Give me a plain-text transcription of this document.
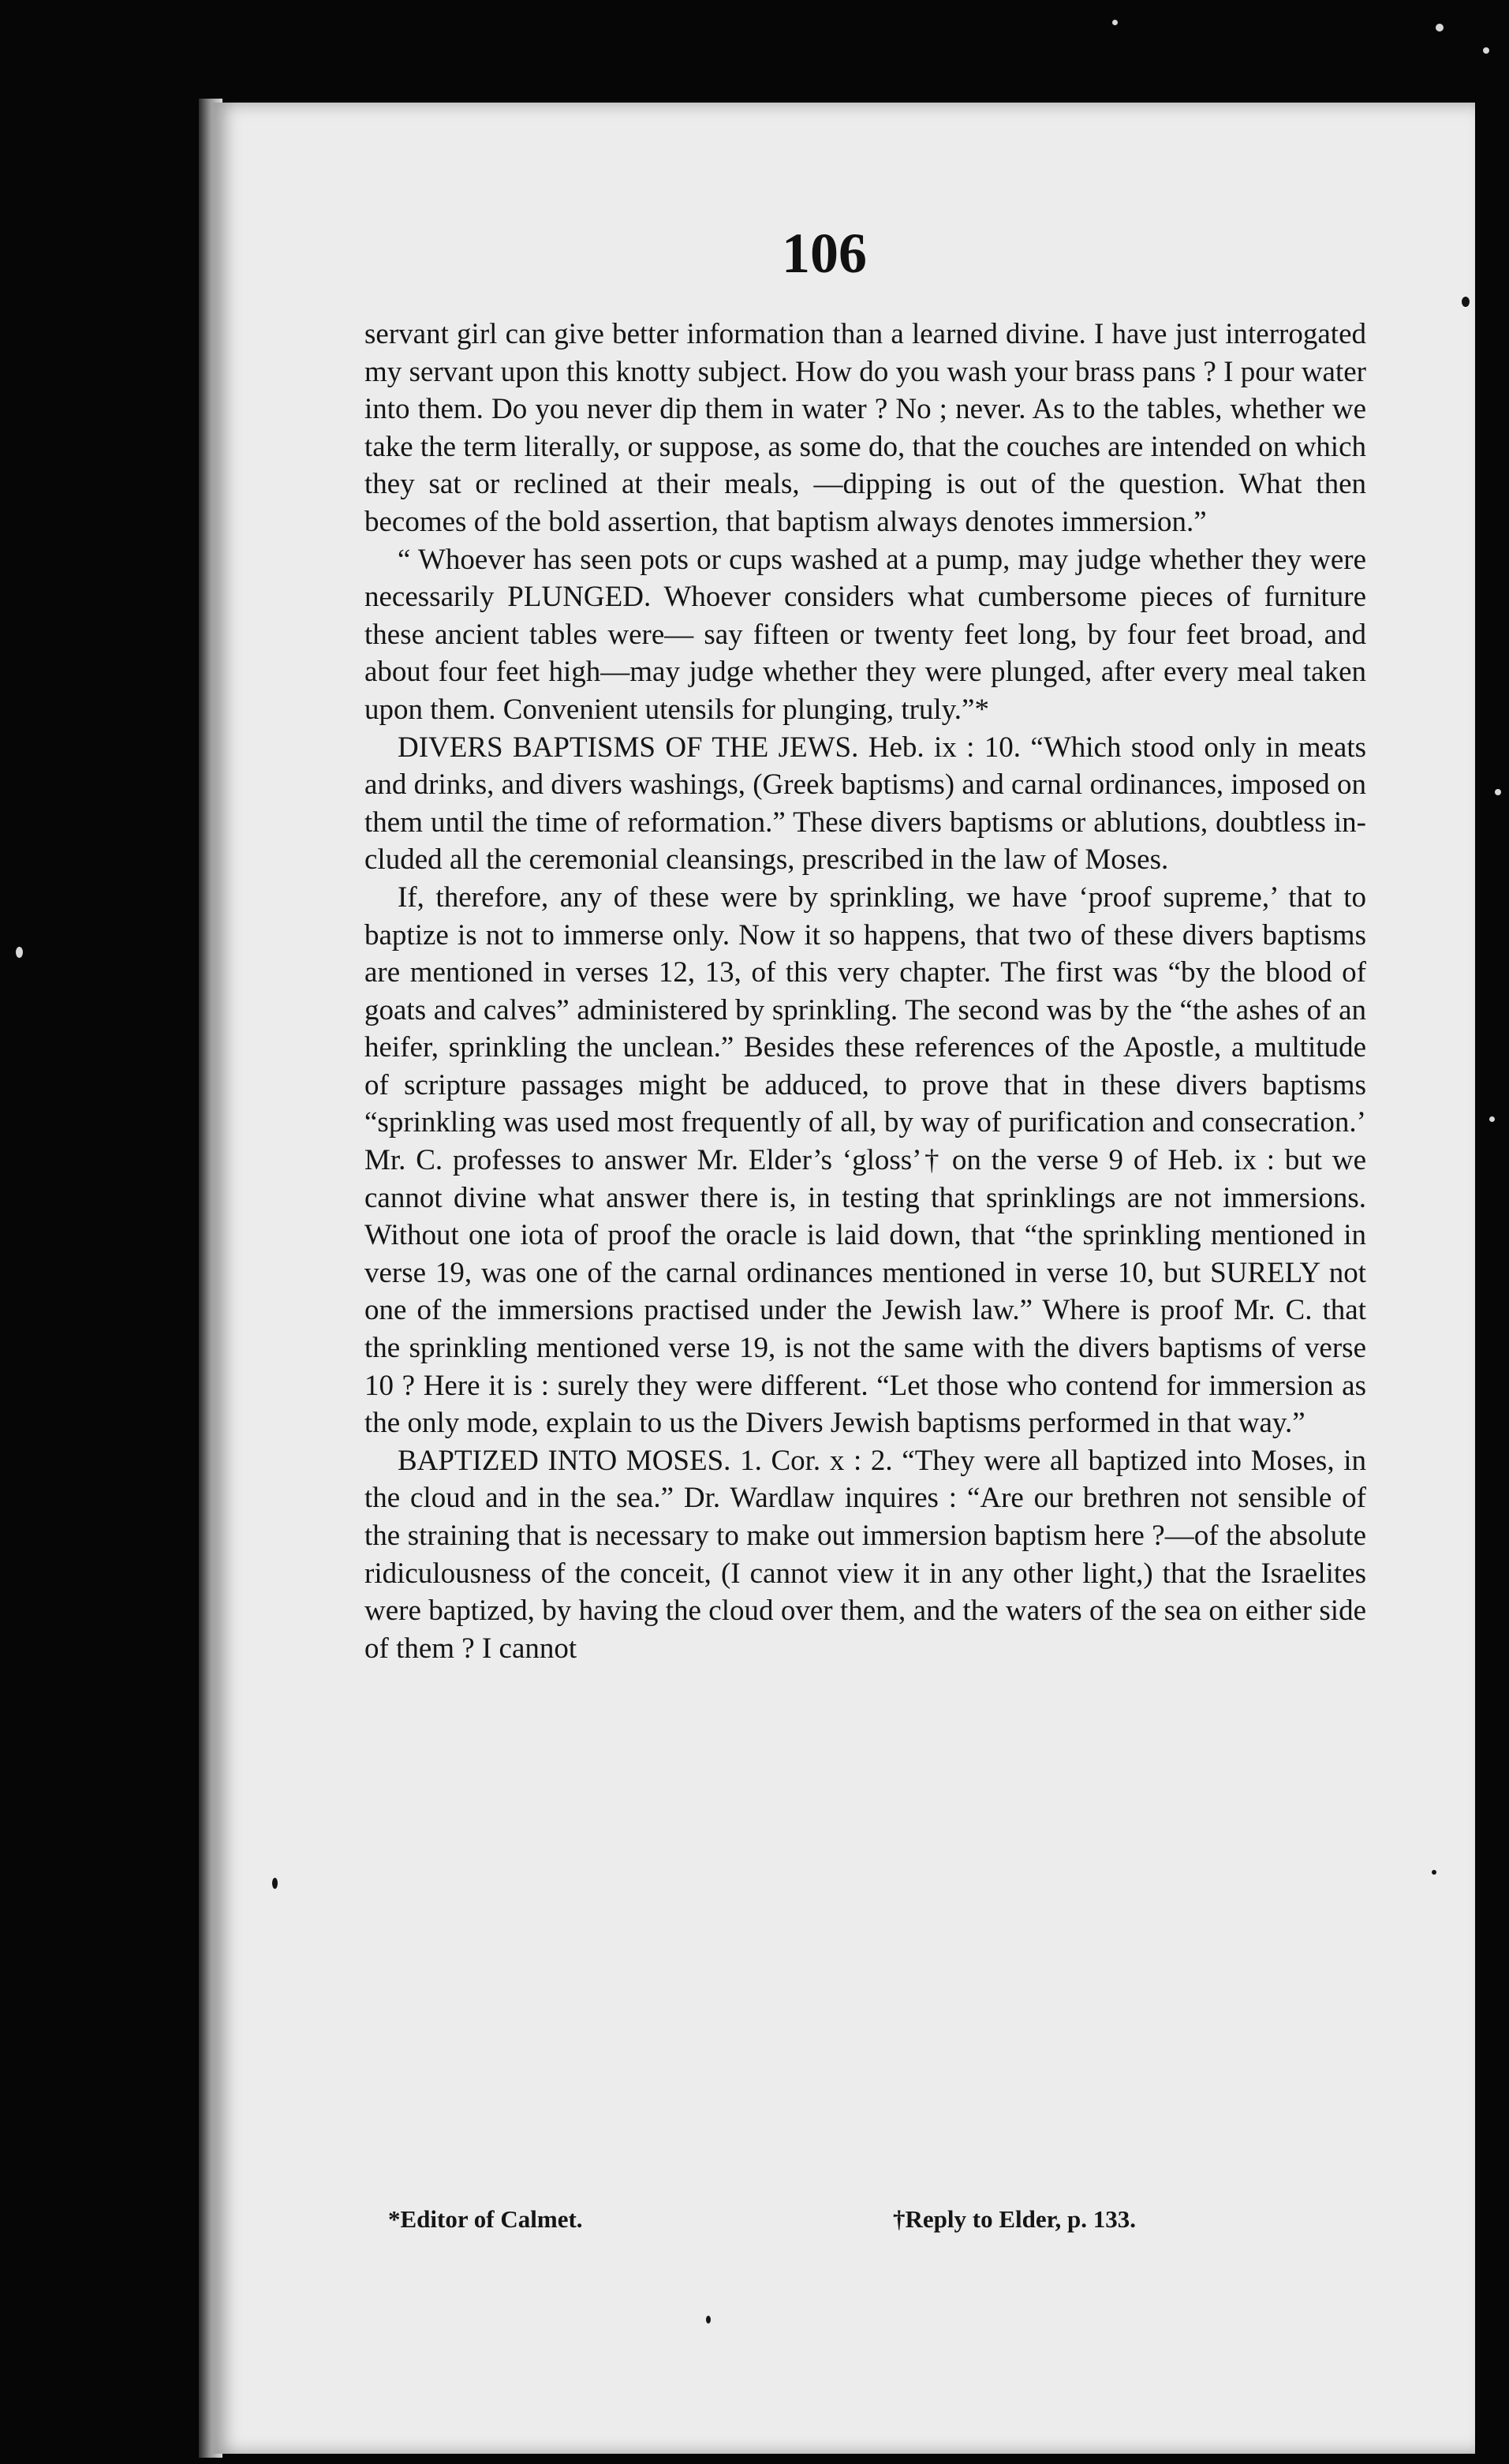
106

servant girl can give better information than a learned divine. I have just interrogated my servant upon this knotty subject. How do you wash your brass pans ? I pour water into them. Do you never dip them in water ? No ; never. As to the tables, whether we take the term literally, or suppose, as some do, that the couches are intended on which they sat or reclined at their meals, —dipping is out of the question. What then becomes of the bold assertion, that baptism always denotes immersion.”

“ Whoever has seen pots or cups washed at a pump, may judge whether they were necessarily PLUNGED. Whoever considers what cumbersome pieces of furniture these ancient tables were— say fifteen or twenty feet long, by four feet broad, and about four feet high—may judge whether they were plunged, after every meal taken upon them. Convenient utensils for plunging, truly.”*

DIVERS BAPTISMS OF THE JEWS. Heb. ix : 10. “Which stood only in meats and drinks, and divers washings, (Greek baptisms) and carnal ordinances, imposed on them until the time of reformation.” These divers baptisms or ablutions, doubtless included all the ceremonial cleansings, prescribed in the law of Moses.

If, therefore, any of these were by sprinkling, we have ‘proof supreme,’ that to baptize is not to immerse only. Now it so happens, that two of these divers baptisms are mentioned in verses 12, 13, of this very chapter. The first was “by the blood of goats and calves” administered by sprinkling. The second was by the “the ashes of an heifer, sprinkling the unclean.” Besides these references of the Apostle, a multitude of scripture passages might be adduced, to prove that in these divers baptisms “sprinkling was used most frequently of all, by way of purification and consecration.’ Mr. C. professes to answer Mr. Elder’s ‘gloss’† on the verse 9 of Heb. ix : but we cannot divine what answer there is, in testing that sprinklings are not immersions. Without one iota of proof the oracle is laid down, that “the sprinkling mentioned in verse 19, was one of the carnal ordinances mentioned in verse 10, but SURELY not one of the immersions practised under the Jewish law.” Where is proof Mr. C. that the sprinkling mentioned verse 19, is not the same with the divers baptisms of verse 10 ? Here it is : surely they were different. “Let those who contend for immersion as the only mode, explain to us the Divers Jewish baptisms performed in that way.”

BAPTIZED INTO MOSES. 1. Cor. x : 2. “They were all baptized into Moses, in the cloud and in the sea.” Dr. Wardlaw inquires : “Are our brethren not sensible of the straining that is necessary to make out immersion baptism here ?—of the absolute ridiculousness of the conceit, (I cannot view it in any other light,) that the Israelites were baptized, by having the cloud over them, and the waters of the sea on either side of them ? I cannot

*Editor of Calmet.	†Reply to Elder, p. 133.
